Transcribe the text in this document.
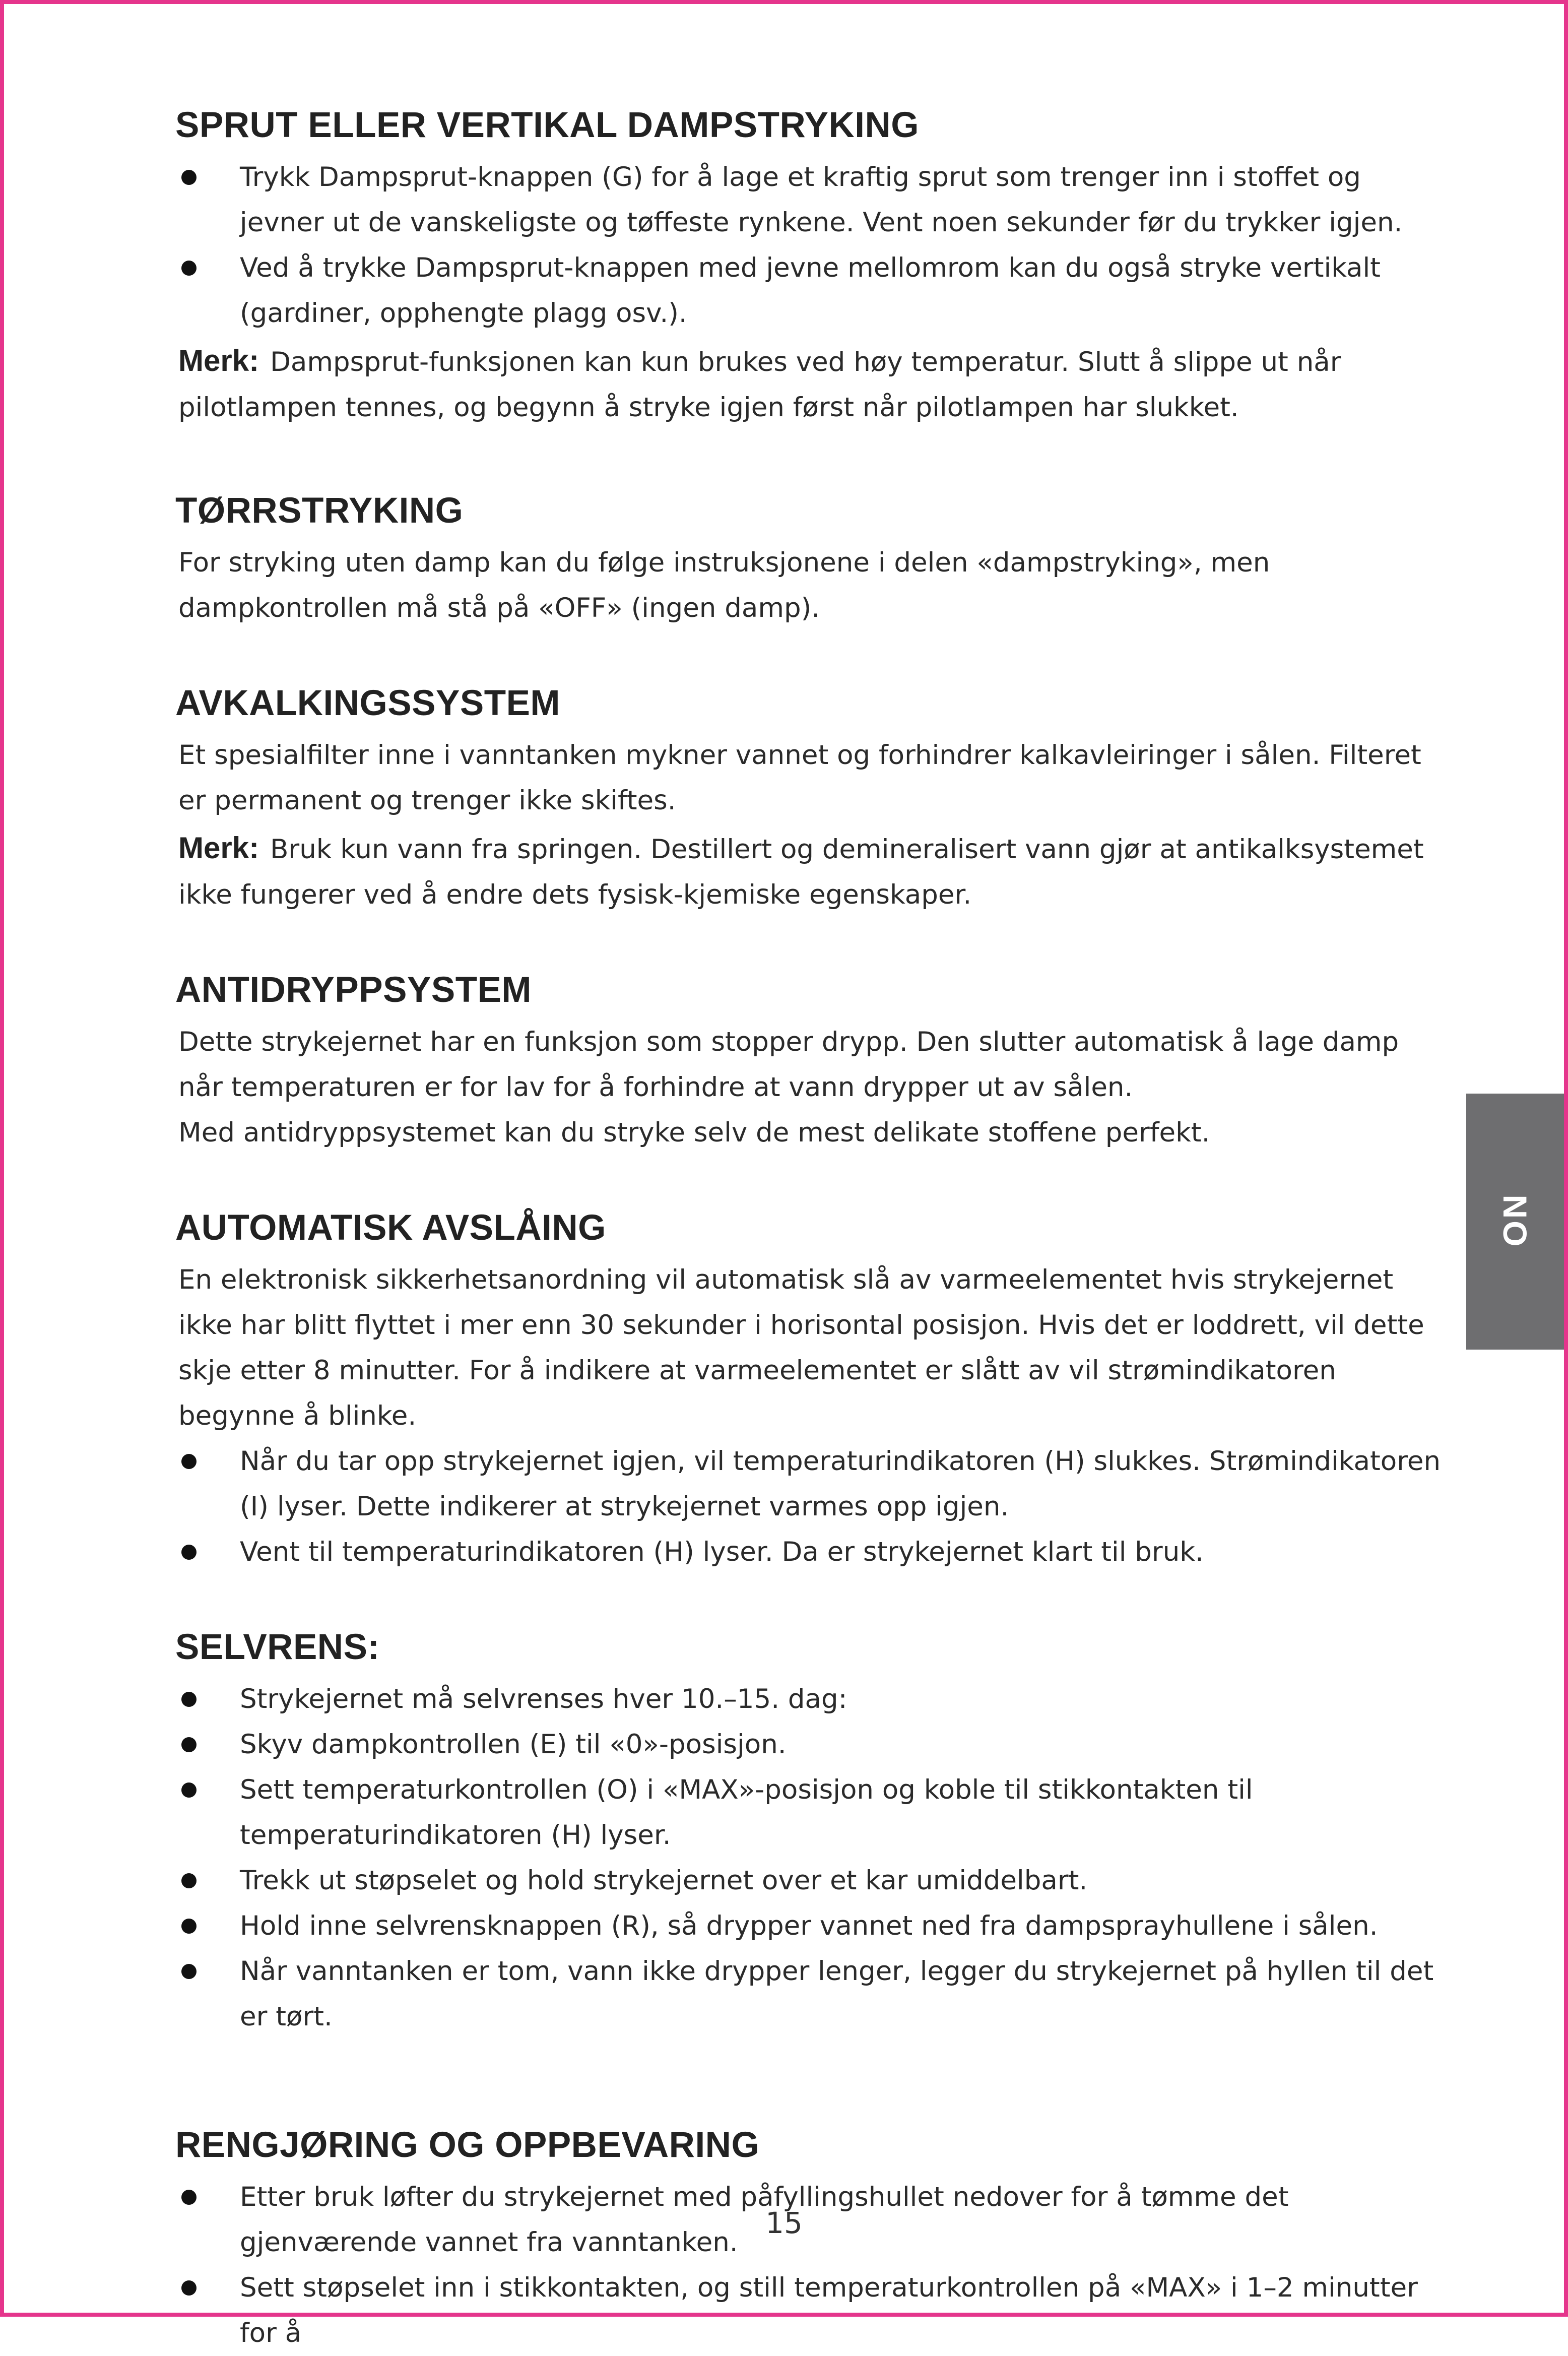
SPRUT ELLER VERTIKAL DAMPSTRYKING
Trykk Dampsprut-knappen (G) for å lage et kraftig sprut som trenger inn i stoffet og jevner ut de vanskeligste og tøffeste rynkene. Vent noen sekunder før du trykker igjen.
Ved å trykke Dampsprut-knappen med jevne mellomrom kan du også stryke vertikalt (gardiner, opphengte plagg osv.).

Merk: Dampsprut-funksjonen kan kun brukes ved høy temperatur. Slutt å slippe ut når pilotlampen tennes, og begynn å stryke igjen først når pilotlampen har slukket.

TØRRSTRYKING

For stryking uten damp kan du følge instruksjonene i delen «dampstryking», men dampkontrollen må stå på «OFF» (ingen damp).

AVKALKINGSSYSTEM

Et spesialfilter inne i vanntanken mykner vannet og forhindrer kalkavleiringer i sålen. Filteret er permanent og trenger ikke skiftes.

Merk: Bruk kun vann fra springen. Destillert og demineralisert vann gjør at antikalksystemet ikke fungerer ved å endre dets fysisk-kjemiske egenskaper.

ANTIDRYPPSYSTEM

Dette strykejernet har en funksjon som stopper drypp. Den slutter automatisk å lage damp når temperaturen er for lav for å forhindre at vann drypper ut av sålen.

Med antidryppsystemet kan du stryke selv de mest delikate stoffene perfekt.

AUTOMATISK AVSLÅING

En elektronisk sikkerhetsanordning vil automatisk slå av varmeelementet hvis strykejernet ikke har blitt flyttet i mer enn 30 sekunder i horisontal posisjon. Hvis det er loddrett, vil dette skje etter 8 minutter. For å indikere at varmeelementet er slått av vil strømindikatoren begynne å blinke.

Når du tar opp strykejernet igjen, vil temperaturindikatoren (H) slukkes. Strømindikatoren (I) lyser. Dette indikerer at strykejernet varmes opp igjen.
Vent til temperaturindikatoren (H) lyser. Da er strykejernet klart til bruk.
SELVRENS:
Strykejernet må selvrenses hver 10.–15. dag:
Skyv dampkontrollen (E) til «0»-posisjon.
Sett temperaturkontrollen (O) i «MAX»-posisjon og koble til stikkontakten til temperaturindikatoren (H) lyser.
Trekk ut støpselet og hold strykejernet over et kar umiddelbart.
Hold inne selvrensknappen (R), så drypper vannet ned fra dampsprayhullene i sålen.
Når vanntanken er tom, vann ikke drypper lenger, legger du strykejernet på hyllen til det er tørt.
RENGJØRING OG OPPBEVARING
Etter bruk løfter du strykejernet med påfyllingshullet nedover for å tømme det gjenværende vannet fra vanntanken.
Sett støpselet inn i stikkontakten, og still temperaturkontrollen på «MAX» i 1–2 minutter for å
NO
15
